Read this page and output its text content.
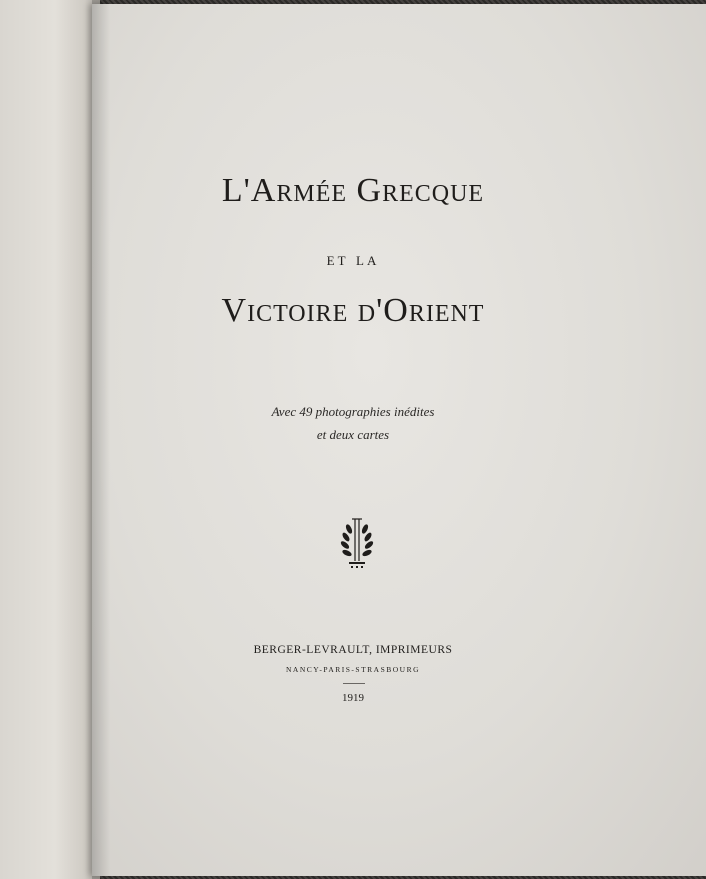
L'Armée Grecque
et la
Victoire d'Orient
Avec 49 photographies inédites
et deux cartes
BERGER-LEVRAULT, IMPRIMEURS
NANCY-PARIS-STRASBOURG
1919
